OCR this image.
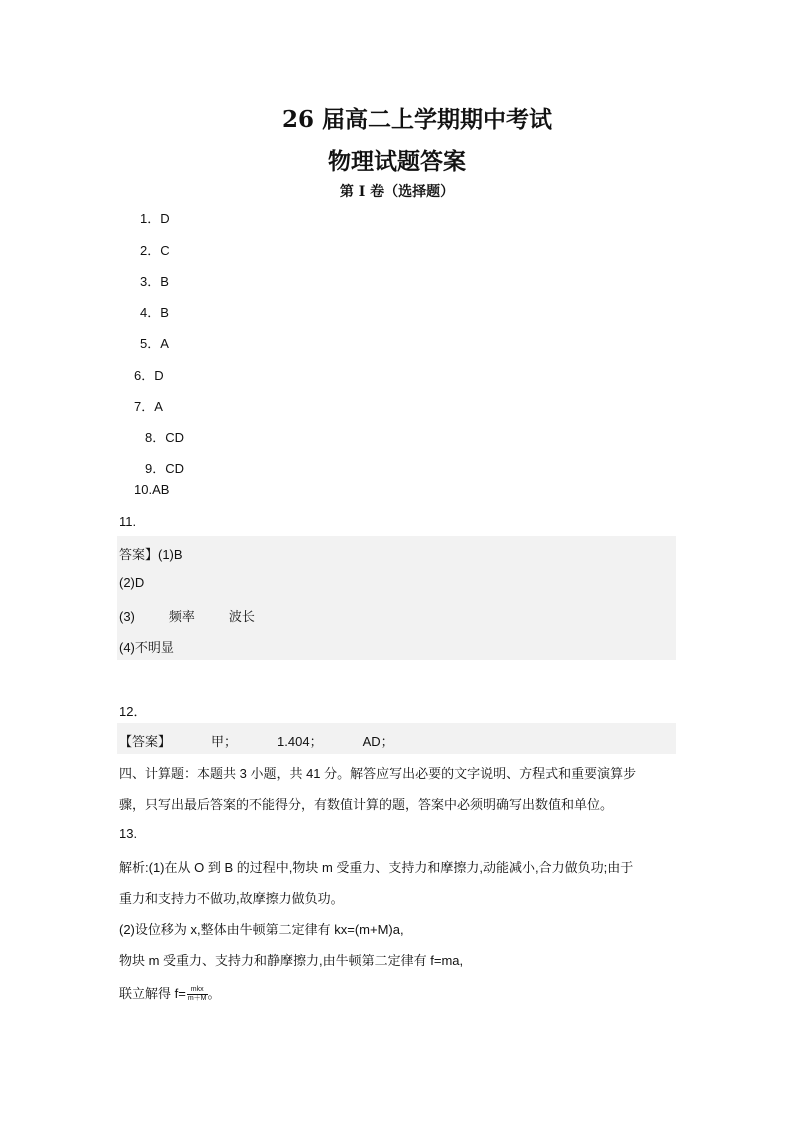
26 届高二上学期期中考试
物理试题答案
第 I 卷（选择题）
1．D
2．C
3．B
4．B
5．A
6．D
7．A
8．CD
9．CD
10.AB
11.
答案】(1)B
(2)D
(3)	频率	波长
(4)不明显
12．
【答案】	甲；	1.404；	AD；
四、计算题：本题共 3 小题，共 41 分。解答应写出必要的文字说明、方程式和重要演算步
骤，只写出最后答案的不能得分，有数值计算的题，答案中必须明确写出数值和单位。
13.
解析:(1)在从 O 到 B 的过程中,物块 m 受重力、支持力和摩擦力,动能减小,合力做负功;由于
重力和支持力不做功,故摩擦力做负功。
(2)设位移为 x,整体由牛顿第二定律有 kx=(m+M)a,
物块 m 受重力、支持力和静摩擦力,由牛顿第二定律有 f=ma,
联立解得 $f= \frac{\text{mkx}}{m+M}$ 。
